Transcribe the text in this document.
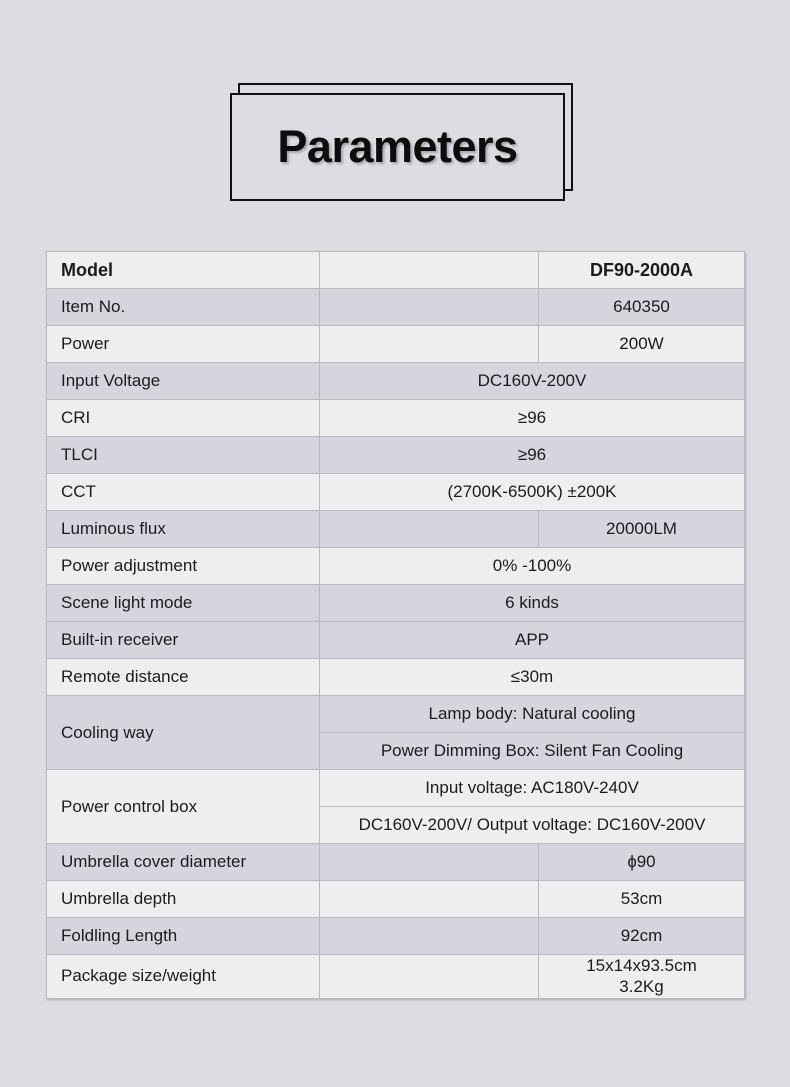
Parameters
Model		DF90-2000A
Item No.		640350
Power		200W
Input Voltage	DC160V-200V	
CRI	≥96	
TLCI	≥96	
CCT	(2700K-6500K) ±200K	
Luminous flux		20000LM
Power adjustment	0% -100%	
Scene light mode	6 kinds	
Built-in receiver	APP	
Remote distance	≤30m	
Cooling way	Lamp body: Natural cooling	
	Power Dimming Box: Silent Fan Cooling	
Power control box	Input voltage: AC180V-240V	
	DC160V-200V/ Output voltage: DC160V-200V	
Umbrella cover diameter		ɸ90
Umbrella depth		53cm
Foldling Length		92cm
Package size/weight		15x14x93.5cm
3.2Kg
